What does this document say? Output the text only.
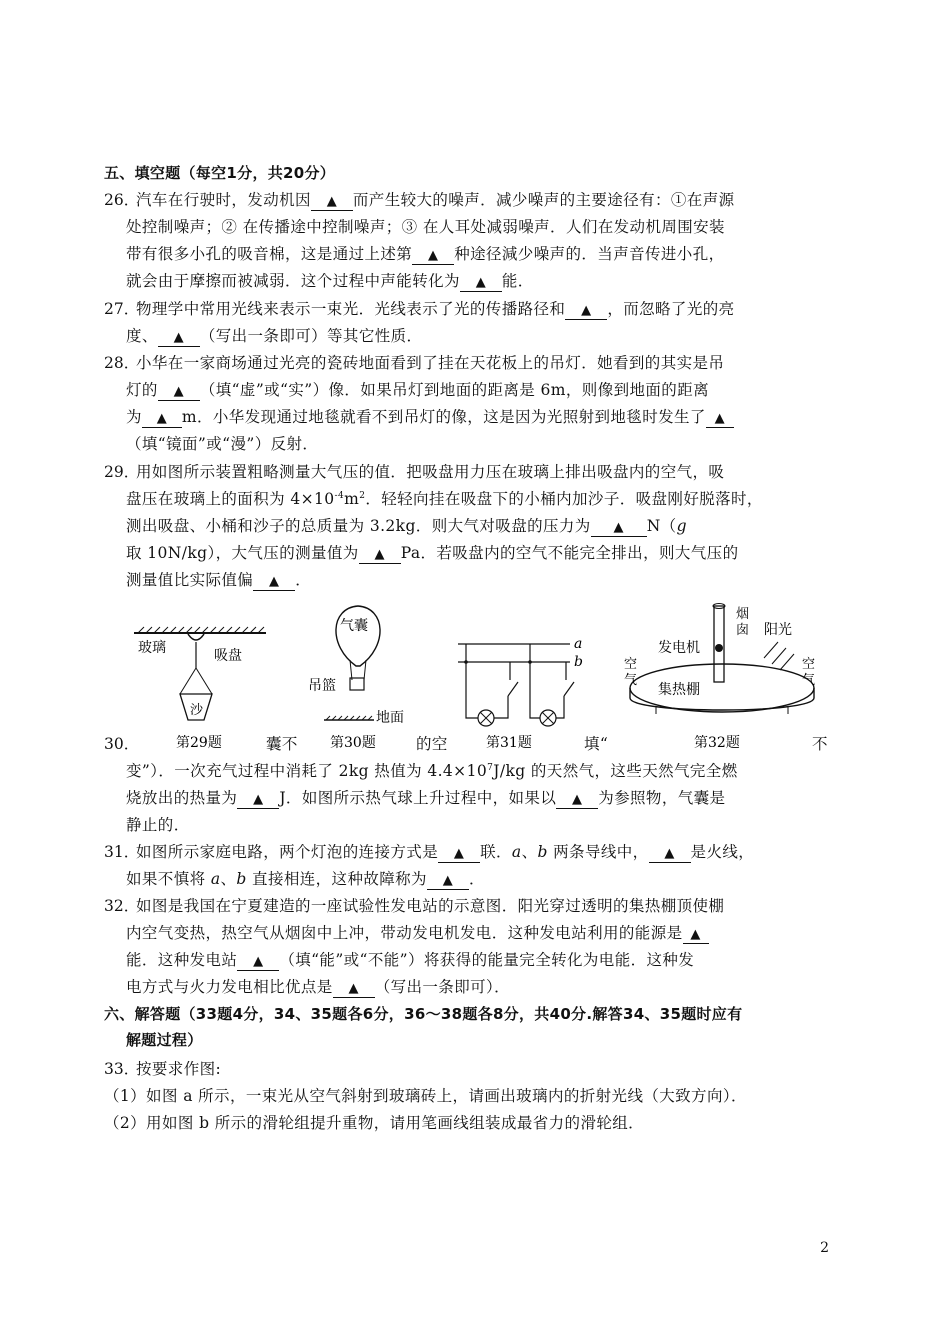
五、填空题（每空1分，共20分）
26．
汽车在行驶时，发动机因 ▲ 而产生较大的噪声．减少噪声的主要途径有：①在声源
处控制噪声；② 在传播途中控制噪声；③ 在人耳处减弱噪声．人们在发动机周围安装
带有很多小孔的吸音棉，这是通过上述第 ▲ 种途径減少噪声的．当声音传进小孔，
就会由于摩擦而被减弱．这个过程中声能转化为 ▲ 能．
27．
物理学中常用光线来表示一束光．光线表示了光的传播路径和 ▲ ，而忽略了光的亮
度、 ▲ （写出一条即可）等其它性质．
28．
小华在一家商场通过光亮的瓷砖地面看到了挂在天花板上的吊灯．她看到的其实是吊
灯的 ▲ （填“虚”或“实”）像．如果吊灯到地面的距离是 6m，则像到地面的距离
为 ▲ m．小华发现通过地毯就看不到吊灯的像，这是因为光照射到地毯时发生了 ▲
（填“镜面”或“漫”）反射．
29．
用如图所示装置粗略测量大气压的值．把吸盘用力压在玻璃上排出吸盘内的空气，吸
盘压在玻璃上的面积为 $4\times 10^{-4}m^2$．轻轻向挂在吸盘下的小桶内加沙子．吸盘刚好脱落时，
测出吸盘、小桶和沙子的总质量为 3.2kg．则大气对吸盘的压力为 ▲ N（g
取 10N/kg），大气压的测量值为 ▲ Pa．若吸盘内的空气不能完全排出，则大气压的
测量值比实际值偏 ▲ ．
玻璃	吸盘
沙
第29题
气囊
吊篮
地面
第30题
a
b
第31题
烟
囱 阳光
发电机
空
气
空
气
集热棚
第32题
30．	囊不	的空	填“	不
变”）．一次充气过程中消耗了 2kg 热值为 $4.4\times 10^7J/kg$ 的天然气，这些天然气完全燃
烧放出的热量为 ▲ J．如图所示热气球上升过程中，如果以 ▲ 为参照物，气囊是
静止的．
31．
如图所示家庭电路，两个灯泡的连接方式是 ▲ 联．a、b 两条导线中， ▲ 是火线，
如果不慎将 a、b 直接相连，这种故障称为 ▲ ．
32．
如图是我国在宁夏建造的一座试验性发电站的示意图．阳光穿过透明的集热棚顶使棚
内空气变热，热空气从烟囱中上冲，带动发电机发电．这种发电站利用的能源是 ▲
能．这种发电站 ▲ （填“能”或“不能”）将获得的能量完全转化为电能．这种发
电方式与火力发电相比优点是 ▲ （写出一条即可）．
六、解答题（33题4分，34、35题各6分，36～38题各8分，共40分.解答34、35题时应有
解题过程）
33．
按要求作图:
（1）如图 a 所示，一束光从空气斜射到玻璃砖上，请画出玻璃内的折射光线（大致方向）．
（2）用如图 b 所示的滑轮组提升重物，请用笔画线组装成最省力的滑轮组．
2
